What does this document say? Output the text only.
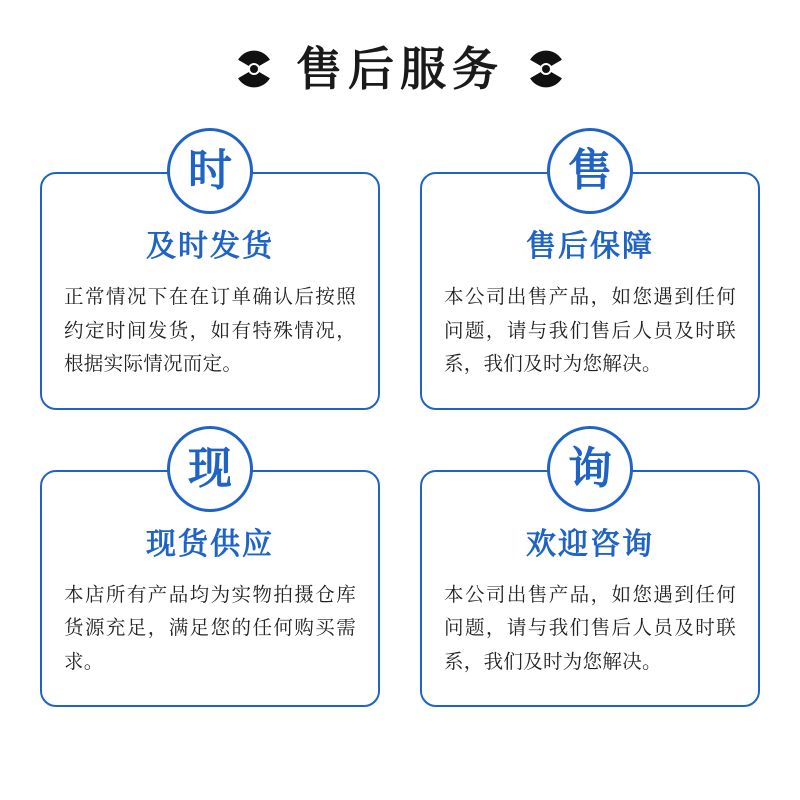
售后服务
时
及时发货
正常情况下在在订单确认后按照约定时间发货，如有特殊情况，根据实际情况而定。
售
售后保障
本公司出售产品，如您遇到任何问题，请与我们售后人员及时联系，我们及时为您解决。
现
现货供应
本店所有产品均为实物拍摄仓库货源充足，满足您的任何购买需求。
询
欢迎咨询
本公司出售产品，如您遇到任何问题，请与我们售后人员及时联系，我们及时为您解决。
